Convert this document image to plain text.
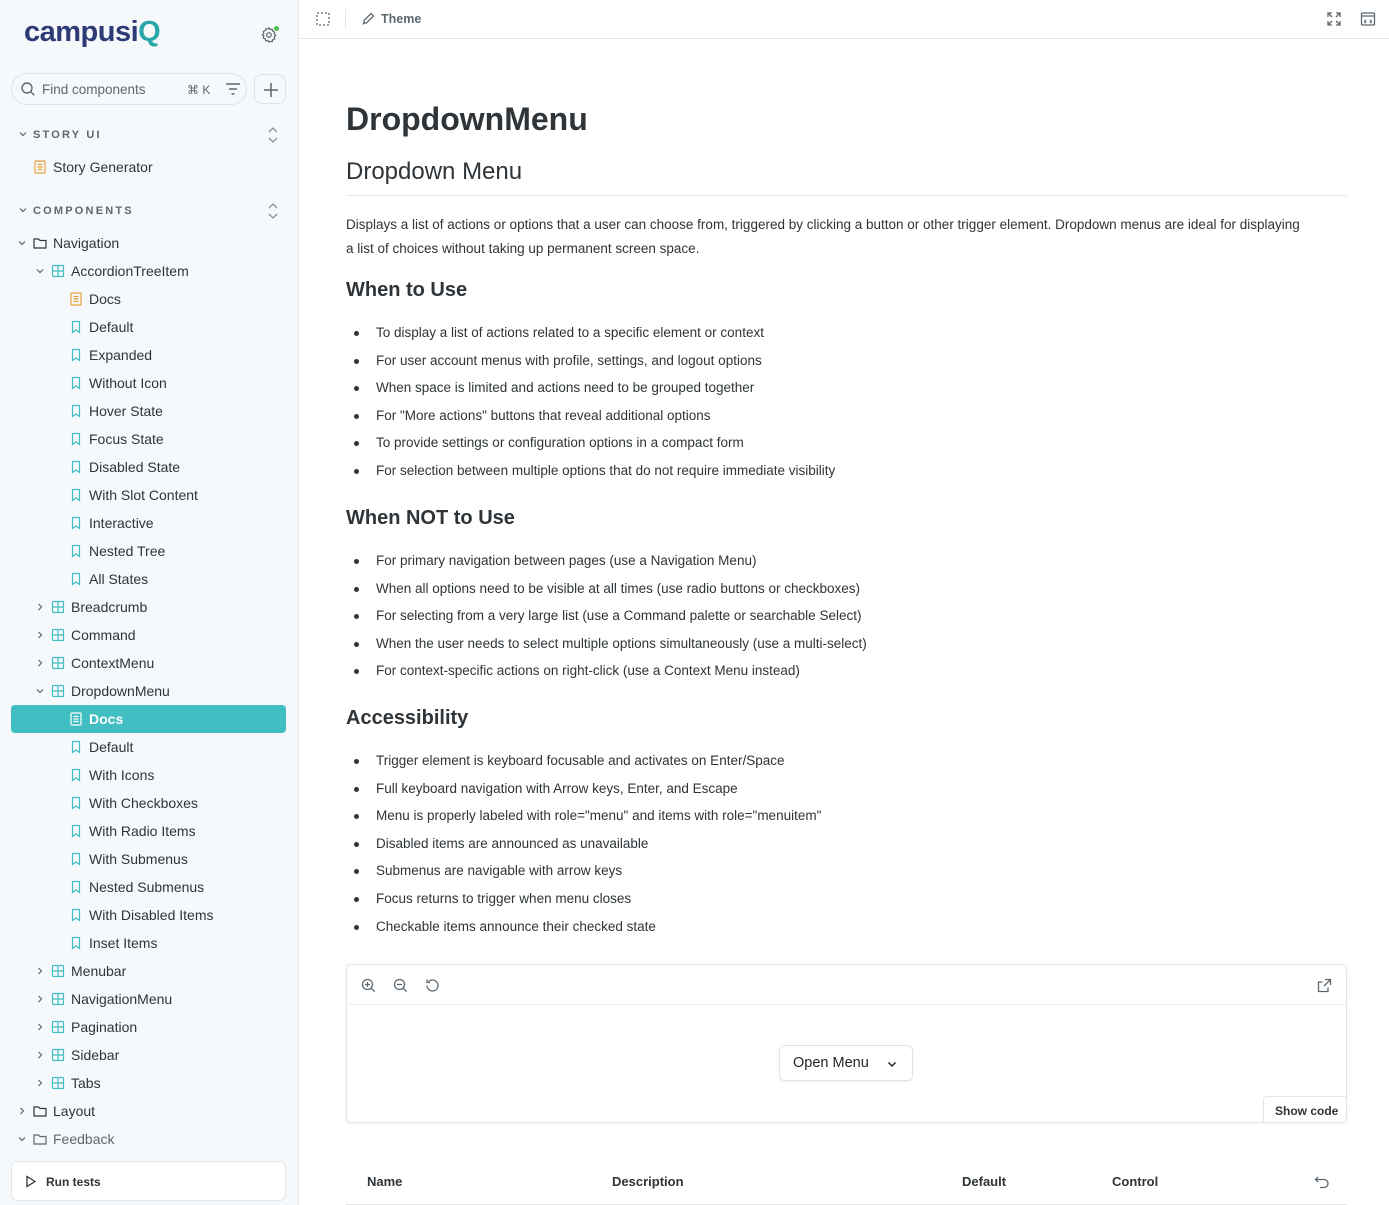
campusiQ
Find components	⌘ K
STORY UI
Story Generator
COMPONENTS
Navigation
AccordionTreeItem
Docs
Default
Expanded
Without Icon
Hover State
Focus State
Disabled State
With Slot Content
Interactive
Nested Tree
All States
Breadcrumb
Command
ContextMenu
DropdownMenu
Docs
Default
With Icons
With Checkboxes
With Radio Items
With Submenus
Nested Submenus
With Disabled Items
Inset Items
Menubar
NavigationMenu
Pagination
Sidebar
Tabs
Layout
Feedback
Run tests
Theme
DropdownMenu
Dropdown Menu

Displays a list of actions or options that a user can choose from, triggered by clicking a button or other trigger element. Dropdown menus are ideal for displaying a list of choices without taking up permanent screen space.

When to Use
To display a list of actions related to a specific element or context
For user account menus with profile, settings, and logout options
When space is limited and actions need to be grouped together
For "More actions" buttons that reveal additional options
To provide settings or configuration options in a compact form
For selection between multiple options that do not require immediate visibility
When NOT to Use
For primary navigation between pages (use a Navigation Menu)
When all options need to be visible at all times (use radio buttons or checkboxes)
For selecting from a very large list (use a Command palette or searchable Select)
When the user needs to select multiple options simultaneously (use a multi-select)
For context-specific actions on right-click (use a Context Menu instead)
Accessibility
Trigger element is keyboard focusable and activates on Enter/Space
Full keyboard navigation with Arrow keys, Enter, and Escape
Menu is properly labeled with role="menu" and items with role="menuitem"
Disabled items are announced as unavailable
Submenus are navigable with arrow keys
Focus returns to trigger when menu closes
Checkable items announce their checked state
Open Menu
Show code
Name	Description	Default	Control
